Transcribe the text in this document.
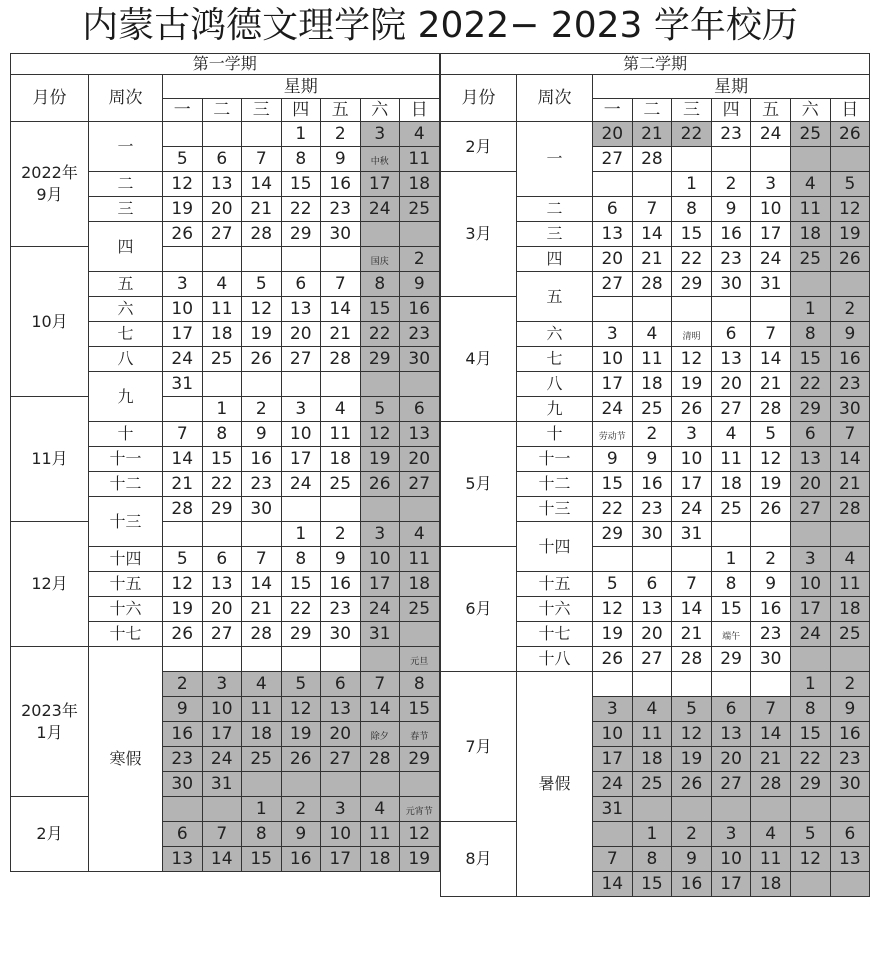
内蒙古鸿德文理学院 2022− 2023 学年校历
第一学期								
月份	周次	星期						
		一	二	三	四	五	六	日
2022年
9月	一				1	2	3	4
		5	6	7	8	9	中秋	11
	二	12	13	14	15	16	17	18
	三	19	20	21	22	23	24	25
	四	26	27	28	29	30		
10月							国庆	2
	五	3	4	5	6	7	8	9
	六	10	11	12	13	14	15	16
	七	17	18	19	20	21	22	23
	八	24	25	26	27	28	29	30
	九	31						
11月			1	2	3	4	5	6
	十	7	8	9	10	11	12	13
	十一	14	15	16	17	18	19	20
	十二	21	22	23	24	25	26	27
	十三	28	29	30				
12月					1	2	3	4
	十四	5	6	7	8	9	10	11
	十五	12	13	14	15	16	17	18
	十六	19	20	21	22	23	24	25
	十七	26	27	28	29	30	31	
2023年
1月	寒假							元旦
		2	3	4	5	6	7	8
		9	10	11	12	13	14	15
		16	17	18	19	20	除夕	春节
		23	24	25	26	27	28	29
		30	31					
2月				1	2	3	4	元宵节
		6	7	8	9	10	11	12
		13	14	15	16	17	18	19
第二学期								
月份	周次	星期						
		一	二	三	四	五	六	日
2月	一	20	21	22	23	24	25	26
		27	28					
3月				1	2	3	4	5
	二	6	7	8	9	10	11	12
	三	13	14	15	16	17	18	19
	四	20	21	22	23	24	25	26
	五	27	28	29	30	31		
4月							1	2
	六	3	4	清明	6	7	8	9
	七	10	11	12	13	14	15	16
	八	17	18	19	20	21	22	23
	九	24	25	26	27	28	29	30
5月	十	劳动节	2	3	4	5	6	7
	十一	9	9	10	11	12	13	14
	十二	15	16	17	18	19	20	21
	十三	22	23	24	25	26	27	28
	十四	29	30	31				
6月					1	2	3	4
	十五	5	6	7	8	9	10	11
	十六	12	13	14	15	16	17	18
	十七	19	20	21	端午	23	24	25
	十八	26	27	28	29	30		
7月	暑假						1	2
		3	4	5	6	7	8	9
		10	11	12	13	14	15	16
		17	18	19	20	21	22	23
		24	25	26	27	28	29	30
		31						
8月			1	2	3	4	5	6
		7	8	9	10	11	12	13
		14	15	16	17	18		
